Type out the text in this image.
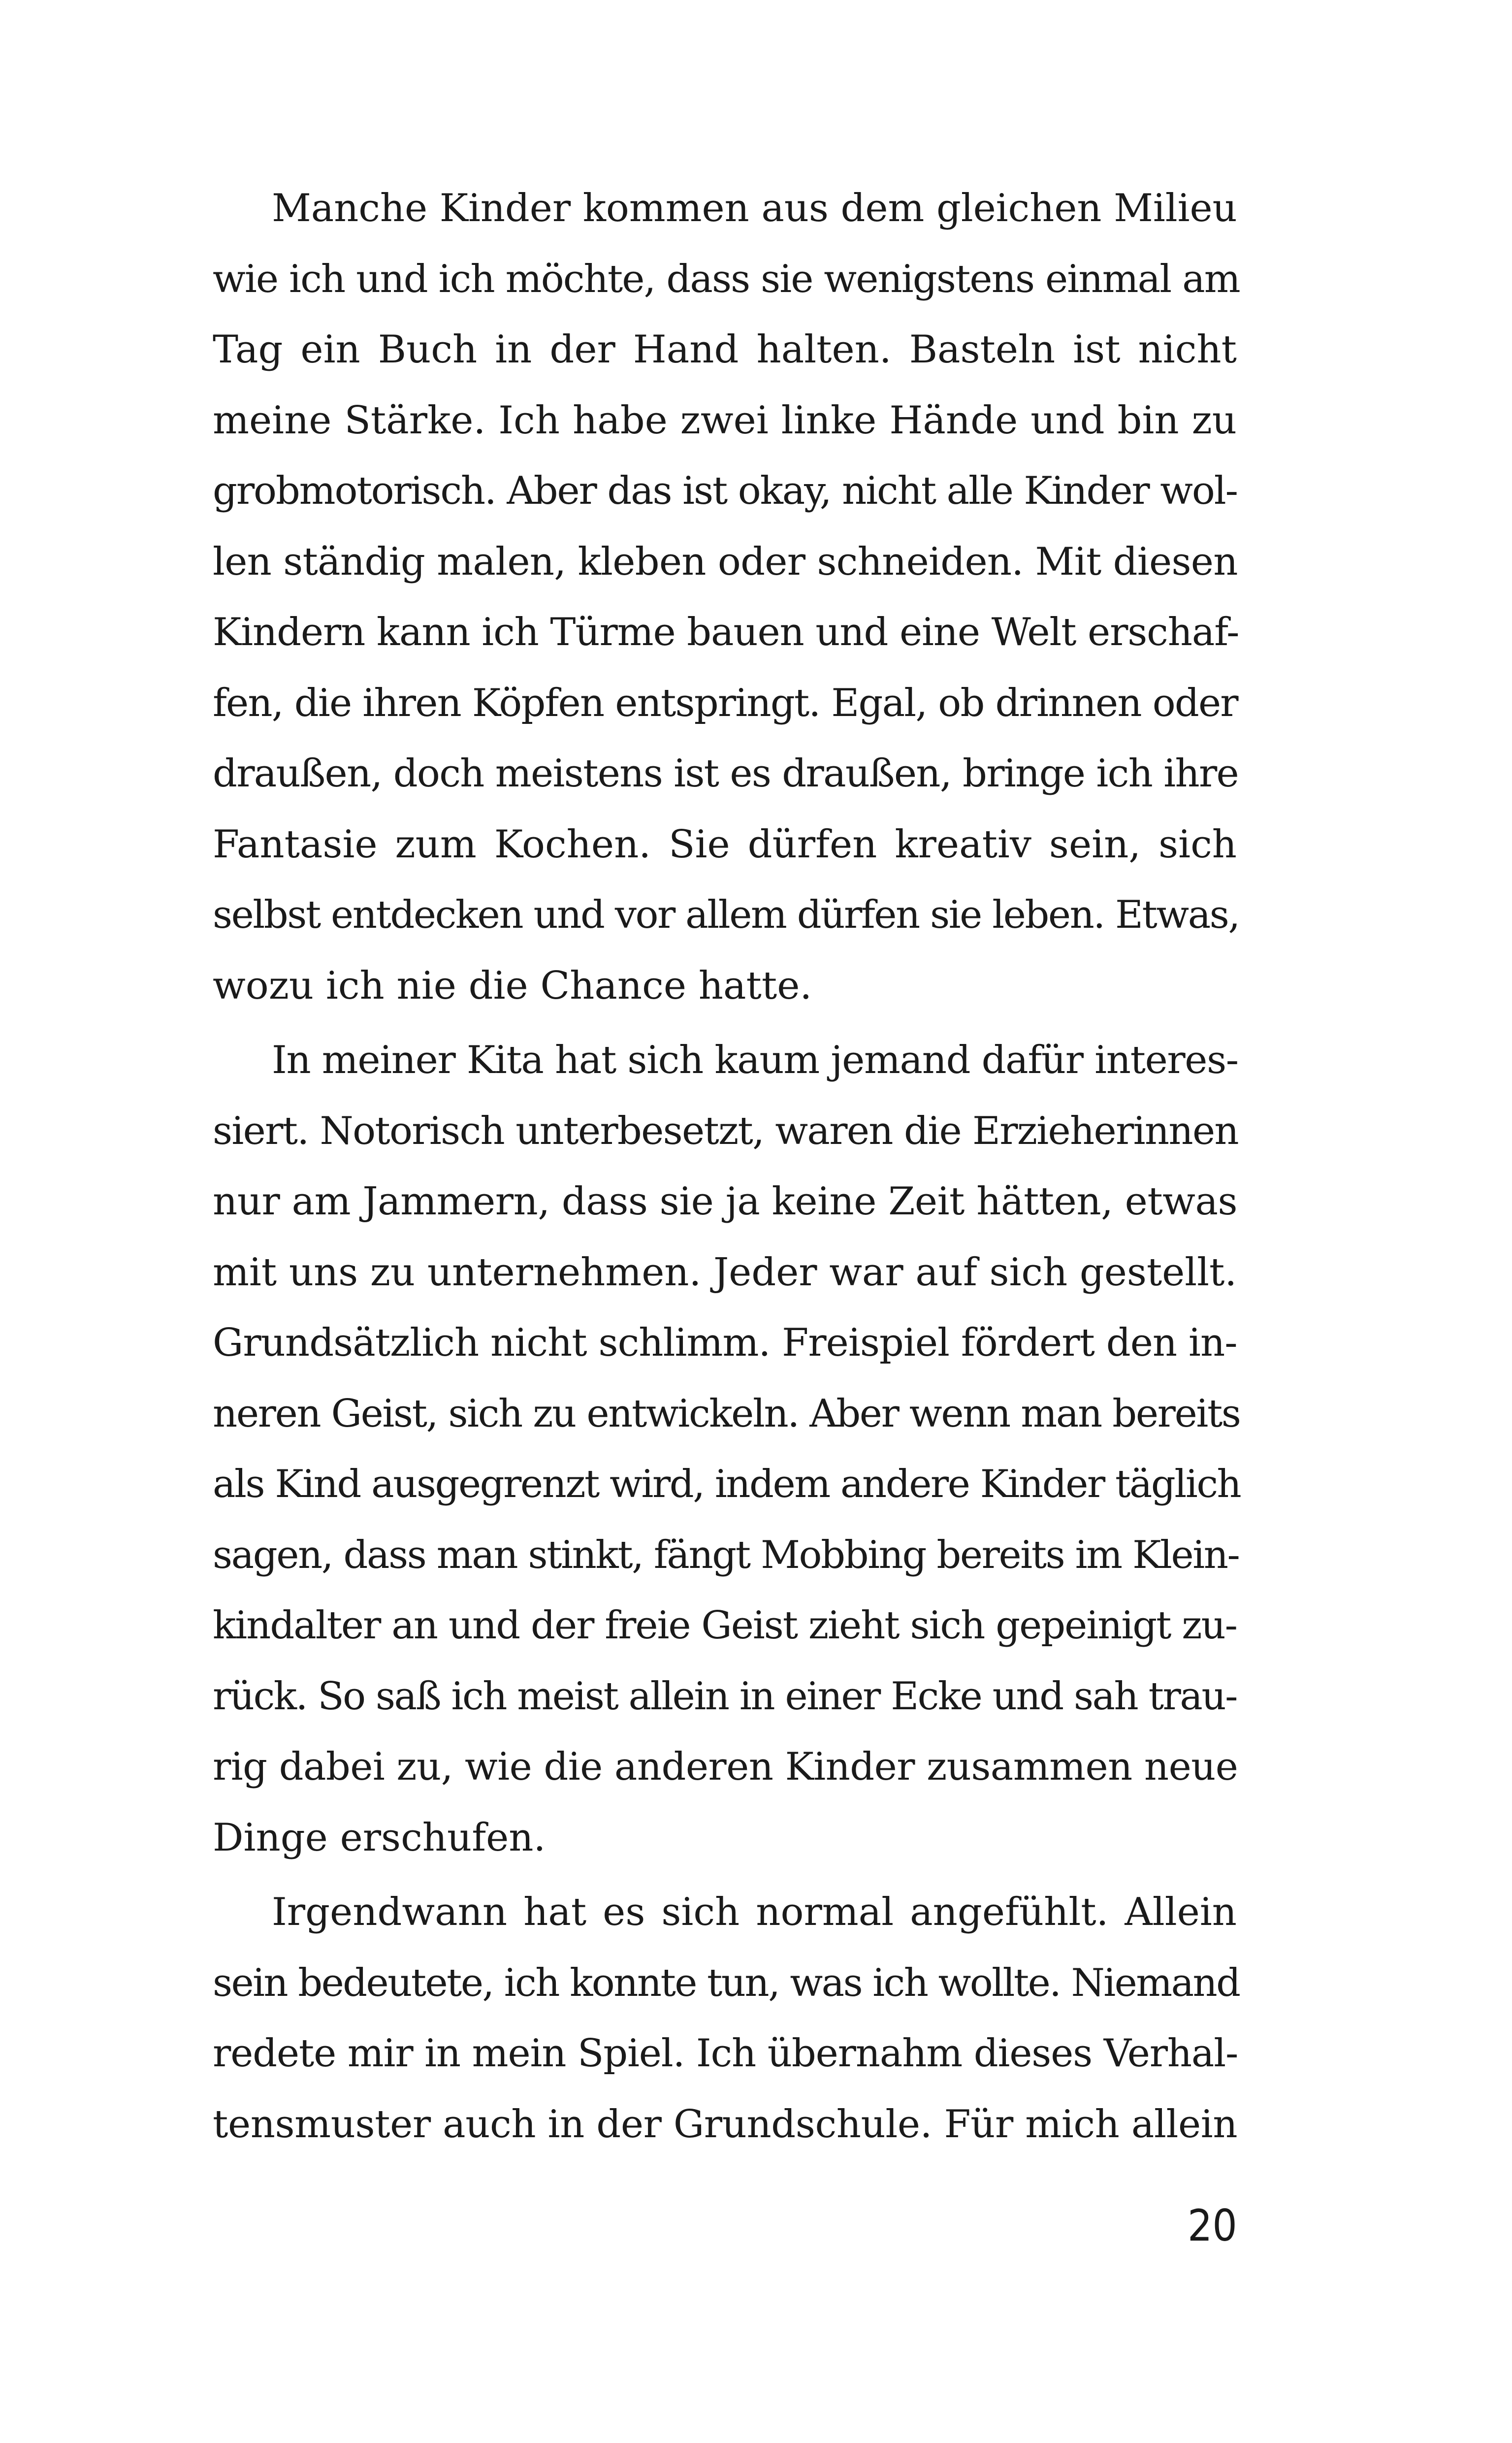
Manche Kinder kommen aus dem gleichen Milieu
wie ich und ich möchte, dass sie wenigstens einmal am
Tag ein Buch in der Hand halten. Basteln ist nicht
meine Stärke. Ich habe zwei linke Hände und bin zu
grobmotorisch. Aber das ist okay, nicht alle Kinder wol-
len ständig malen, kleben oder schneiden. Mit diesen
Kindern kann ich Türme bauen und eine Welt erschaf-
fen, die ihren Köpfen entspringt. Egal, ob drinnen oder
draußen, doch meistens ist es draußen, bringe ich ihre
Fantasie zum Kochen. Sie dürfen kreativ sein, sich
selbst entdecken und vor allem dürfen sie leben. Etwas,
wozu ich nie die Chance hatte.
In meiner Kita hat sich kaum jemand dafür interes-
siert. Notorisch unterbesetzt, waren die Erzieherinnen
nur am Jammern, dass sie ja keine Zeit hätten, etwas
mit uns zu unternehmen. Jeder war auf sich gestellt.
Grundsätzlich nicht schlimm. Freispiel fördert den in-
neren Geist, sich zu entwickeln. Aber wenn man bereits
als Kind ausgegrenzt wird, indem andere Kinder täglich
sagen, dass man stinkt, fängt Mobbing bereits im Klein-
kindalter an und der freie Geist zieht sich gepeinigt zu-
rück. So saß ich meist allein in einer Ecke und sah trau-
rig dabei zu, wie die anderen Kinder zusammen neue
Dinge erschufen.
Irgendwann hat es sich normal angefühlt. Allein
sein bedeutete, ich konnte tun, was ich wollte. Niemand
redete mir in mein Spiel. Ich übernahm dieses Verhal-
tensmuster auch in der Grundschule. Für mich allein
20
